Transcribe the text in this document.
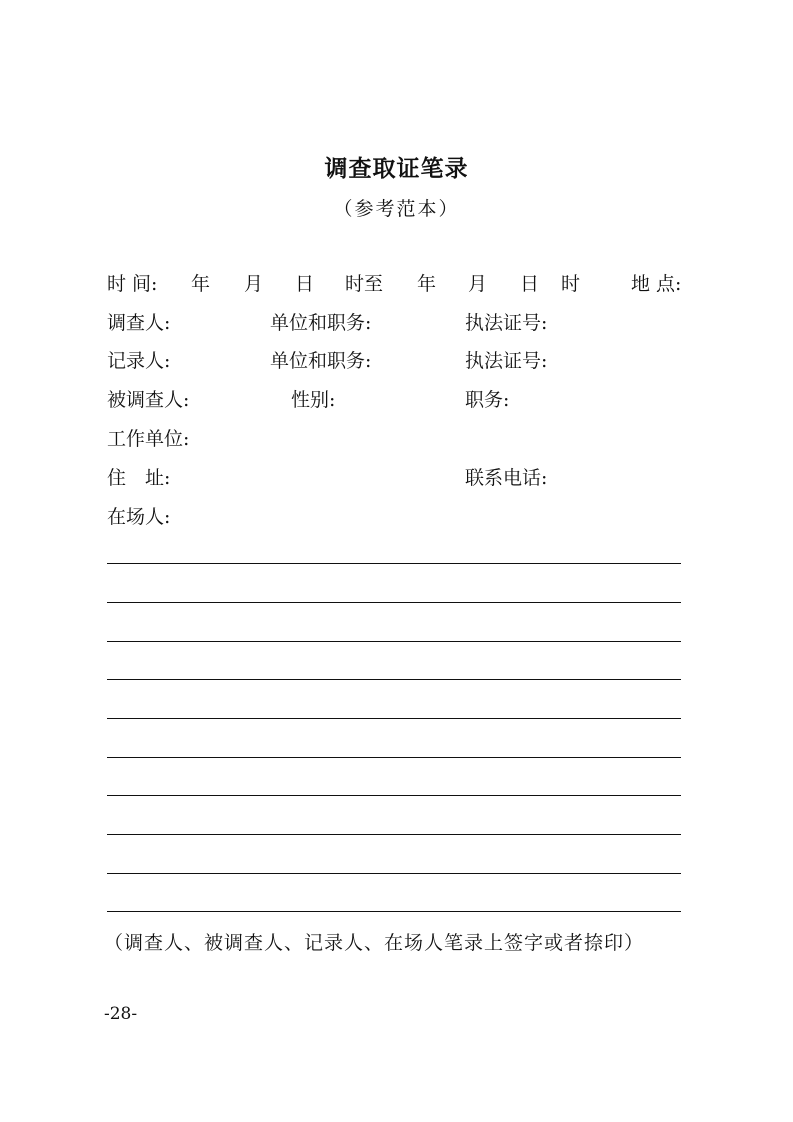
调查取证笔录
（参考范本）
时 间: 年 月 日 时至 年 月 日 时	地 点:
调查人:	单位和职务:	执法证号:
记录人:	单位和职务:	执法证号:
被调查人:	性别:	职务:
工作单位:
住　址:	联系电话:
在场人:
（调查人、被调查人、记录人、在场人笔录上签字或者捺印）
-28-
